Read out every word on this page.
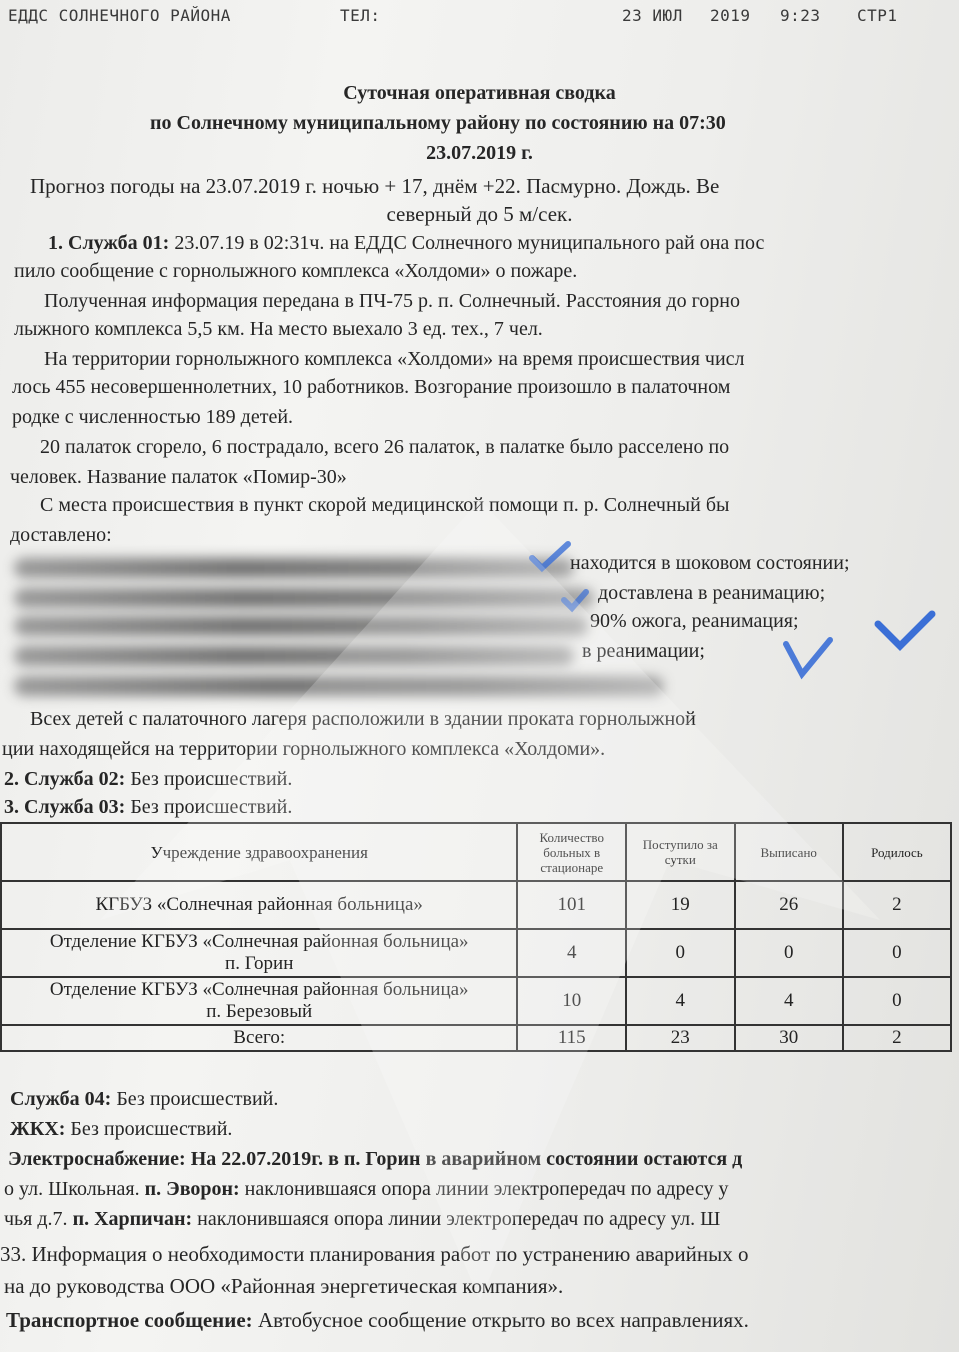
ЕДДС СОЛНЕЧНОГО РАЙОНА	ТЕЛ:	23 ИЮЛ 2019 9:23 СТР1
Суточная оперативная сводка
по Солнечному муниципальному району по состоянию на 07:30
23.07.2019 г.
Прогноз погоды на 23.07.2019 г. ночью + 17, днём +22. Пасмурно. Дождь. Ве
северный до 5 м/сек.
1. Служба 01: 23.07.19 в 02:31ч. на ЕДДС Солнечного муниципального рай она пос
пило сообщение с горнолыжного комплекса «Холдоми» о пожаре.
Полученная информация передана в ПЧ-75 р. п. Солнечный. Расстояния до горно
лыжного комплекса 5,5 км. На место выехало 3 ед. тех., 7 чел.
На территории горнолыжного комплекса «Холдоми» на время происшествия числ
лось 455 несовершеннолетних, 10 работников. Возгорание произошло в палаточном
родке с численностью 189 детей.
20 палаток сгорело, 6 пострадало, всего 26 палаток, в палатке было расселено по
человек. Название палаток «Помир-30»
С места происшествия в пункт скорой медицинской помощи п. р. Солнечный бы
доставлено:
находится в шоковом состоянии;
доставлена в реанимацию;
90% ожога, реанимация;
в реанимации;
Всех детей с палаточного лагеря расположили в здании проката горнолыжной
ции находящейся на территории горнолыжного комплекса «Холдоми».
2. Служба 02: Без происшествий.
3. Служба 03: Без происшествий.
Учреждение здравоохранения	Количество больных в стационаре	Поступило за сутки	Выписано	Родилось
КГБУЗ «Солнечная районная больница»	101	19	26	2
Отделение КГБУЗ «Солнечная районная больница» п. Горин	4	0	0	0
Отделение КГБУЗ «Солнечная районная больница» п. Березовый	10	4	4	0
Всего:	115	23	30	2
Служба 04: Без происшествий.
ЖКХ: Без происшествий.
Электроснабжение: На 22.07.2019г. в п. Горин в аварийном состоянии остаются д
о ул. Школьная. п. Эворон: наклонившаяся опора линии электропередач по адресу у
чья д.7. п. Харпичан: наклонившаяся опора линии электропередач по адресу ул. Ш
33. Информация о необходимости планирования работ по устранению аварийных о
на до руководства ООО «Районная энергетическая компания».
Транспортное сообщение: Автобусное сообщение открыто во всех направлениях.
